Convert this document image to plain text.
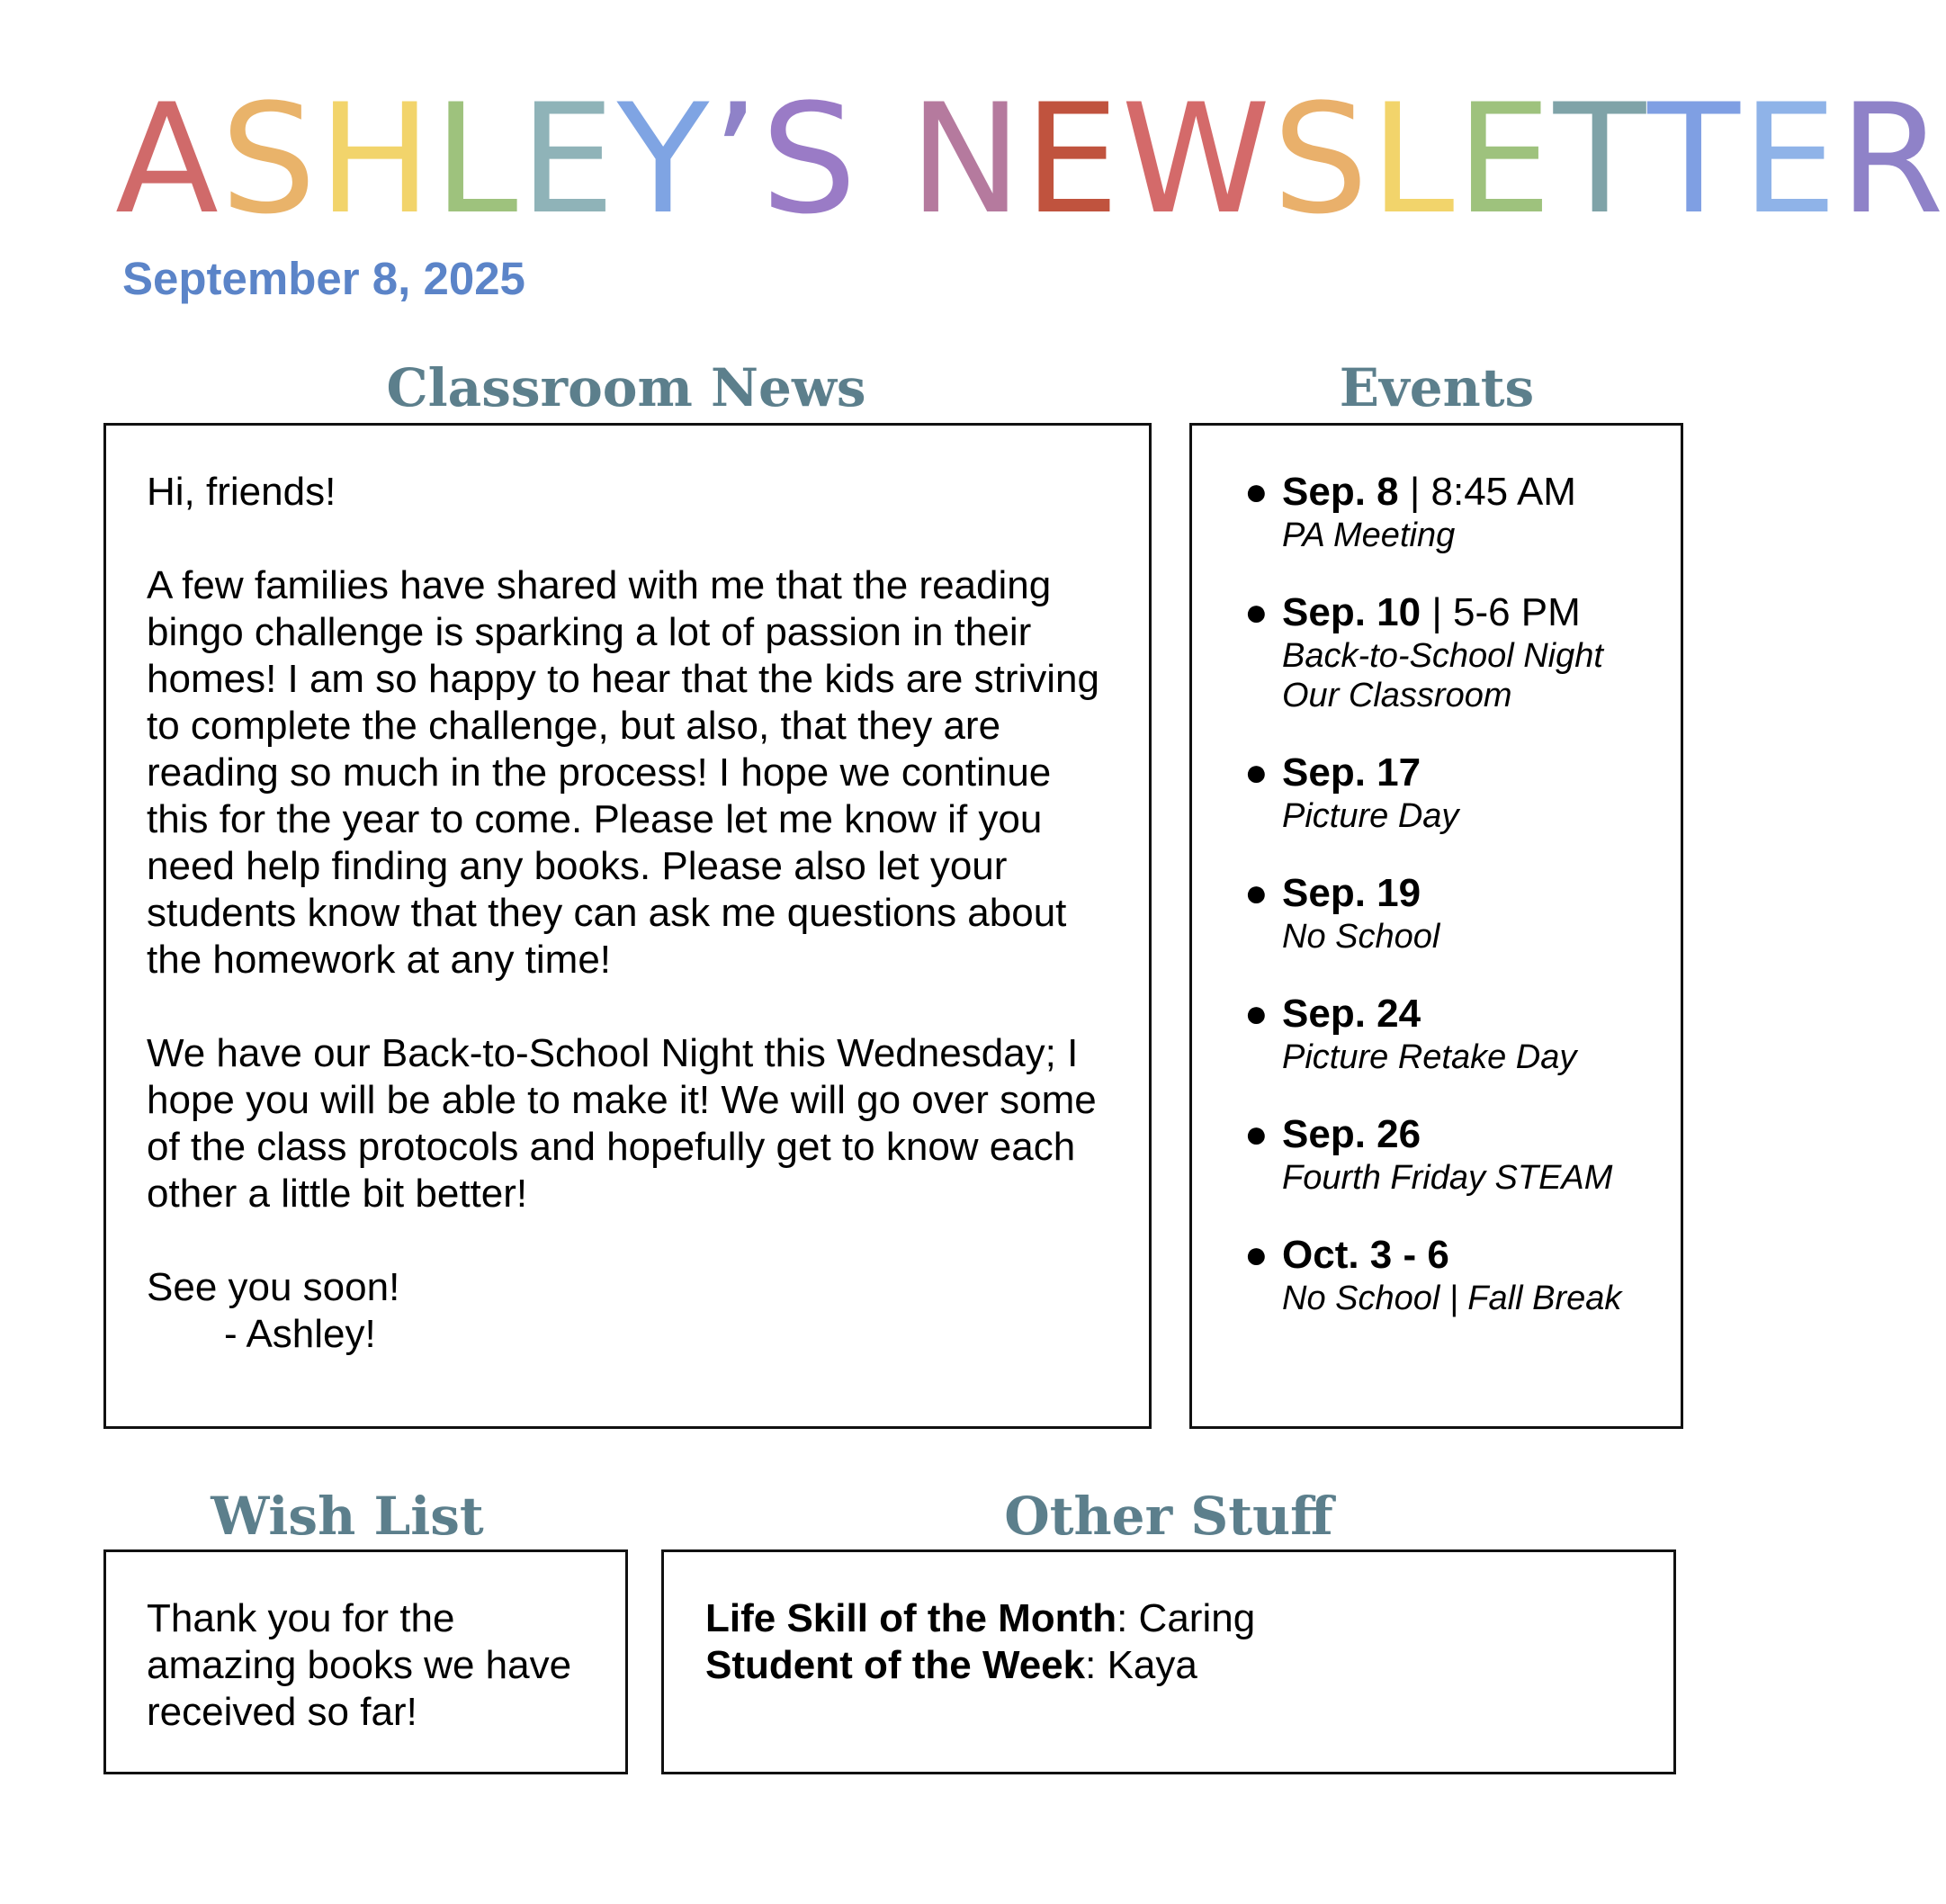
ASHLEY’S NEWSLETTER
September 8, 2025
Classroom News

Hi, friends!

A few families have shared with me that the reading bingo challenge is sparking a lot of passion in their homes! I am so happy to hear that the kids are striving to complete the challenge, but also, that they are reading so much in the process! I hope we continue this for the year to come. Please let me know if you need help finding any books. Please also let your students know that they can ask me questions about the homework at any time!

We have our Back-to-School Night this Wednesday; I hope you will be able to make it! We will go over some of the class protocols and hopefully get to know each other a little bit better!

See you soon!
- Ashley!

Events
● Sep. 8 | 8:45 AM
PA Meeting
● Sep. 10 | 5-6 PM
Back-to-School Night
Our Classroom
● Sep. 17
Picture Day
● Sep. 19
No School
● Sep. 24
Picture Retake Day
● Sep. 26
Fourth Friday STEAM
● Oct. 3 - 6
No School | Fall Break
Wish List
Thank you for the amazing books we have received so far!
Other Stuff
Life Skill of the Month: Caring
Student of the Week: Kaya
